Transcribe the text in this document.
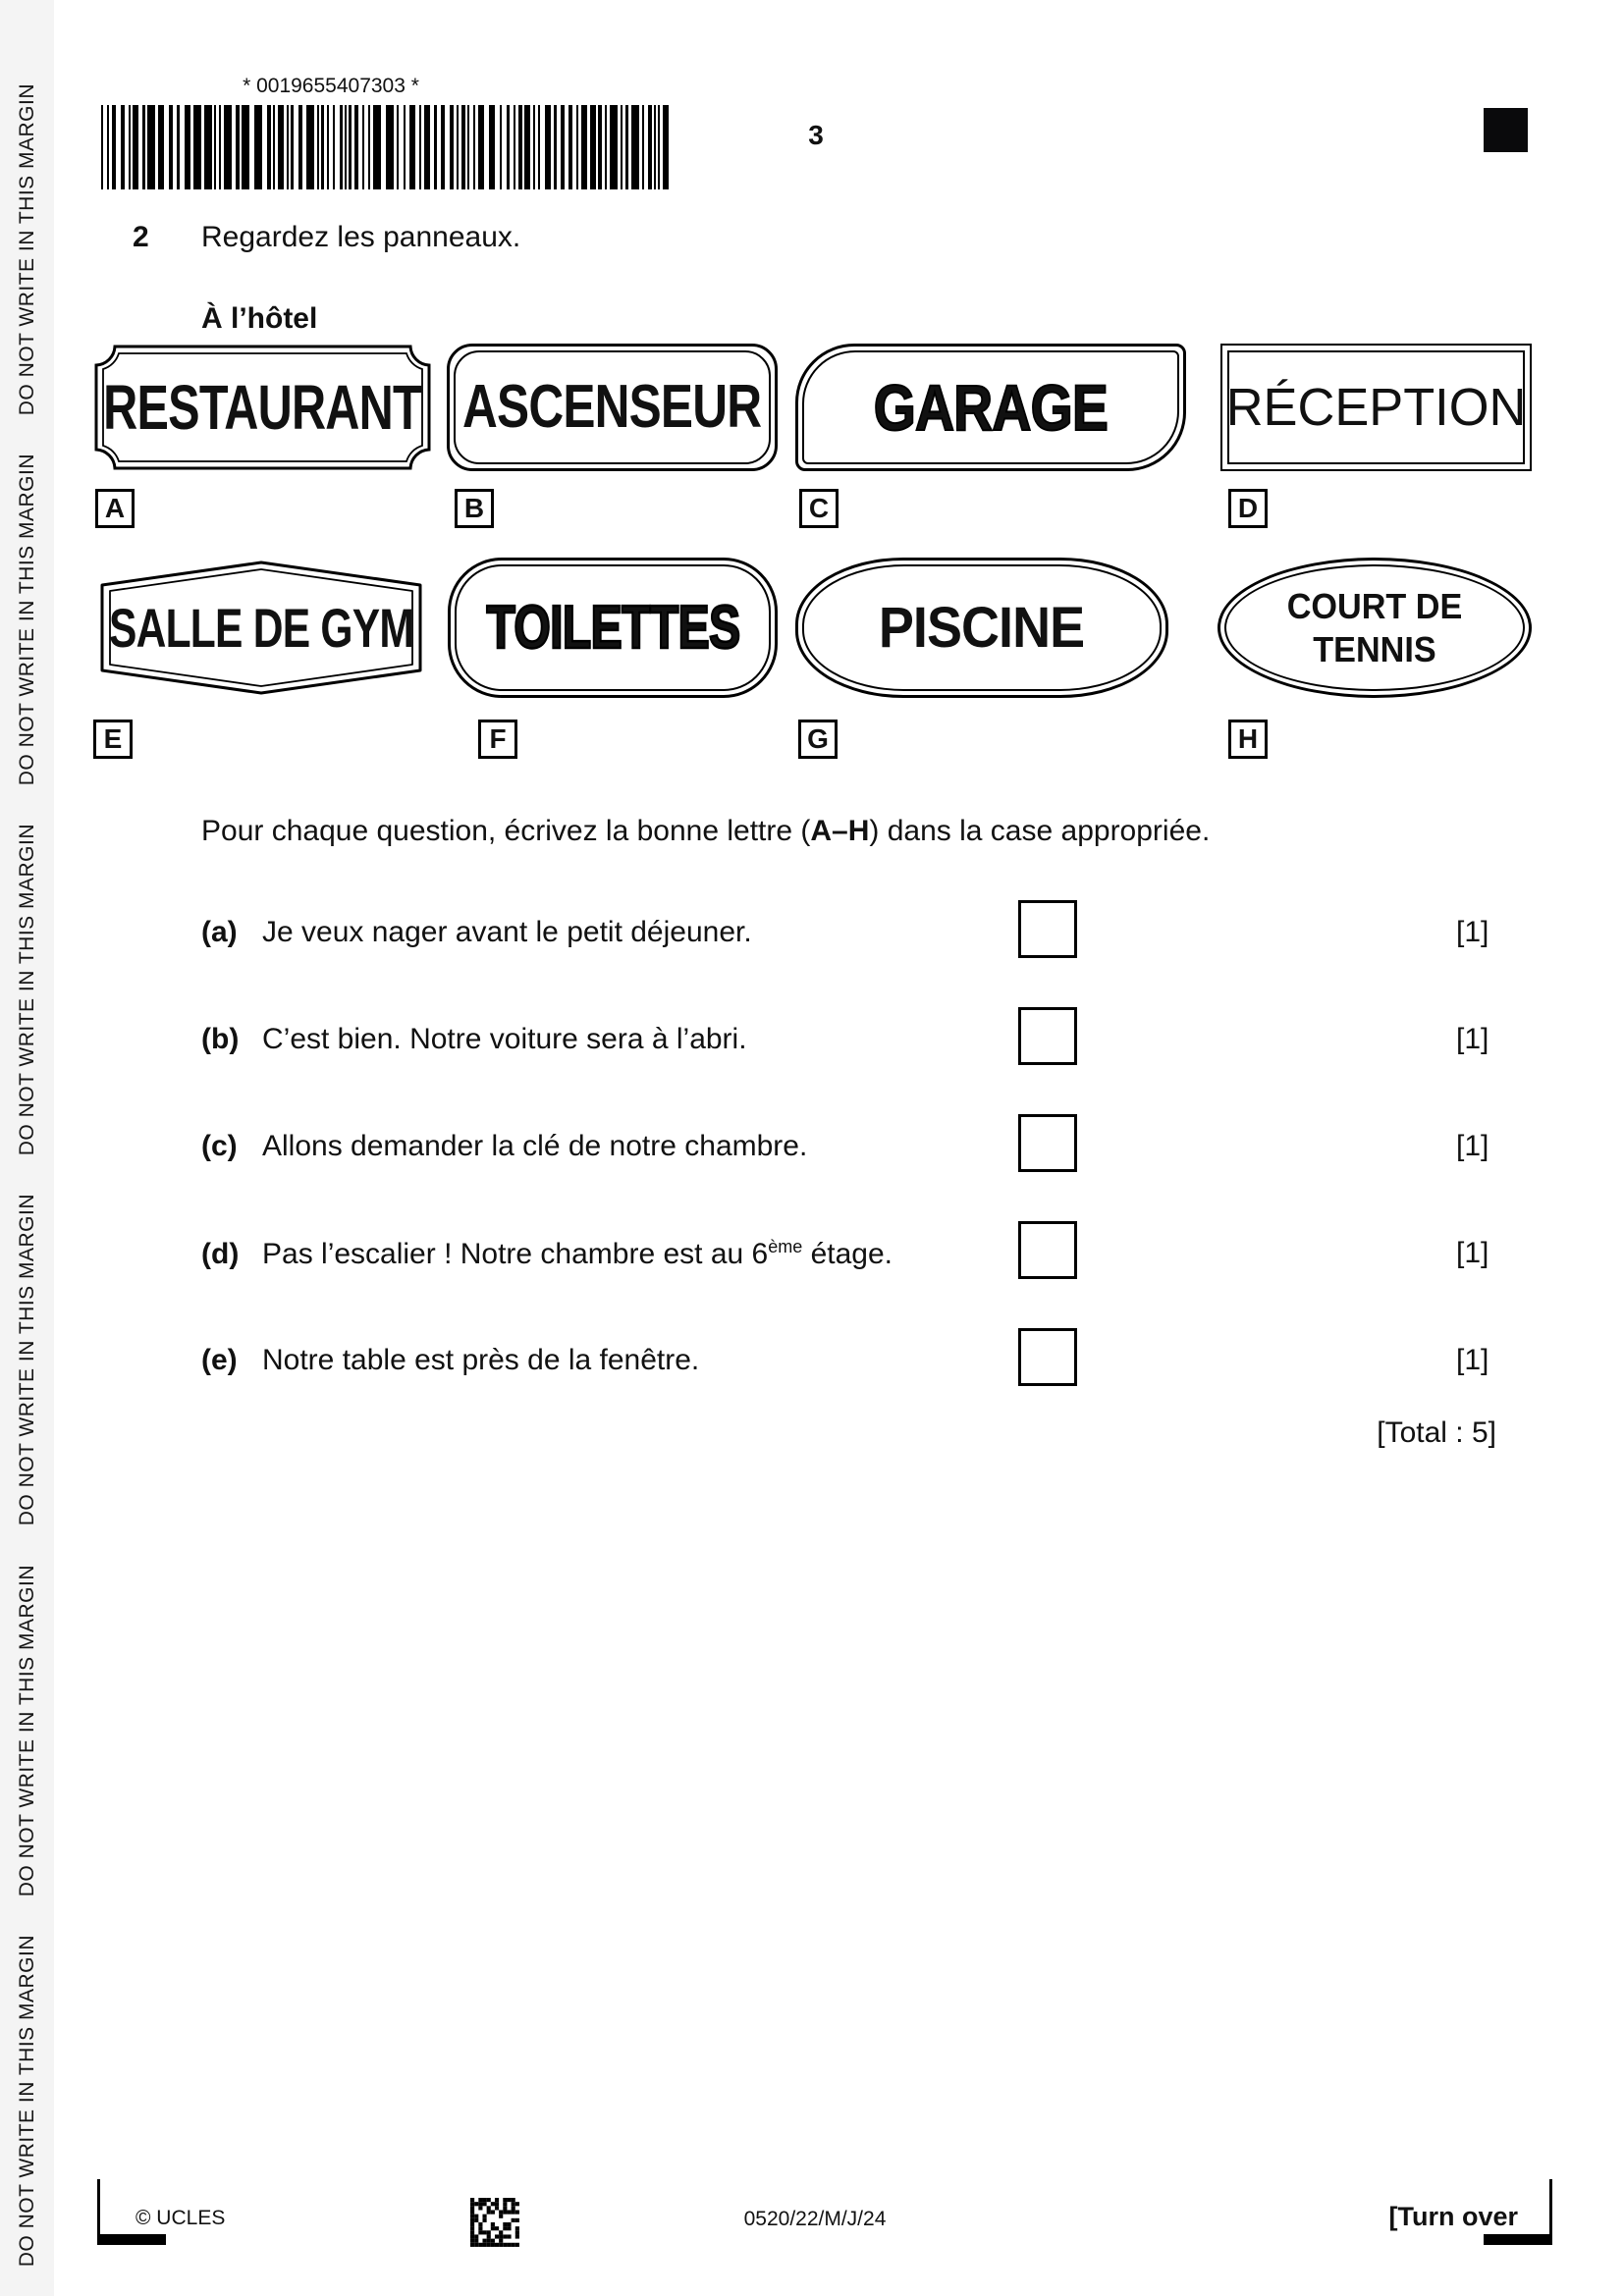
DO NOT WRITE IN THIS MARGIN
DO NOT WRITE IN THIS MARGIN
DO NOT WRITE IN THIS MARGIN
DO NOT WRITE IN THIS MARGIN
DO NOT WRITE IN THIS MARGIN
DO NOT WRITE IN THIS MARGIN
* 0019655407303 *
3
2 Regardez les panneaux.
À l’hôtel
RESTAURANT ASCENSEUR GARAGE RÉCEPTION
A	B	C	D
SALLE DE GYM TOILETTES PISCINE	COURT DE
TENNIS
E	F	G	H
Pour chaque question, écrivez la bonne lettre (A–H) dans la case appropriée.
(a) Je veux nager avant le petit déjeuner.	[1]
(b) C’est bien. Notre voiture sera à l’abri.	[1]
(c) Allons demander la clé de notre chambre.	[1]
(d) Pas l’escalier ! Notre chambre est au 6ème étage.	[1]
(e) Notre table est près de la fenêtre.	[1]
[Total : 5]
© UCLES	0520/22/M/J/24	[Turn over
